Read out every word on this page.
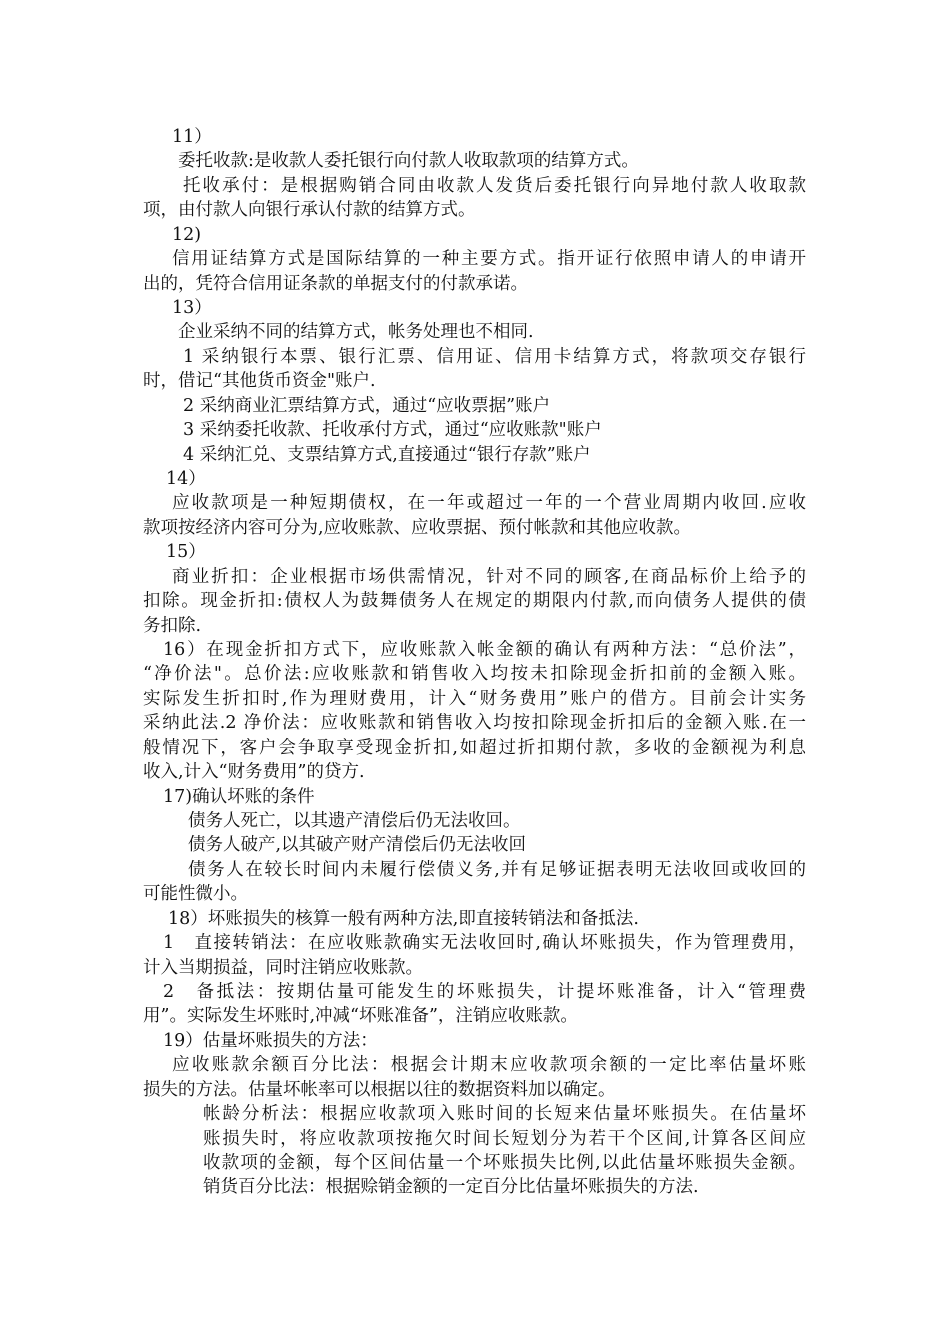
11）
委托收款:是收款人委托银行向付款人收取款项的结算方式。
托收承付：是根据购销合同由收款人发货后委托银行向异地付款人收取款
项，由付款人向银行承认付款的结算方式。
12)
信用证结算方式是国际结算的一种主要方式。指开证行依照申请人的申请开
出的，凭符合信用证条款的单据支付的付款承诺。
13）
企业采纳不同的结算方式，帐务处理也不相同.
1 采纳银行本票、银行汇票、信用证、信用卡结算方式，将款项交存银行
时，借记“其他货币资金"账户.
2 采纳商业汇票结算方式，通过“应收票据”账户
3 采纳委托收款、托收承付方式，通过“应收账款"账户
4 采纳汇兑、支票结算方式,直接通过“银行存款”账户
14）
应收款项是一种短期债权，在一年或超过一年的一个营业周期内收回.应收
款项按经济内容可分为,应收账款、应收票据、预付帐款和其他应收款。
15）
商业折扣：企业根据市场供需情况，针对不同的顾客,在商品标价上给予的
扣除。现金折扣:债权人为鼓舞债务人在规定的期限内付款,而向债务人提供的债
务扣除.
16）在现金折扣方式下，应收账款入帐金额的确认有两种方法：“总价法”，
“净价法"。总价法:应收账款和销售收入均按未扣除现金折扣前的金额入账。
实际发生折扣时,作为理财费用，计入“财务费用”账户的借方。目前会计实务
采纳此法.2 净价法：应收账款和销售收入均按扣除现金折扣后的金额入账.在一
般情况下，客户会争取享受现金折扣,如超过折扣期付款，多收的金额视为利息
收入,计入“财务费用”的贷方.
17)确认坏账的条件
债务人死亡，以其遗产清偿后仍无法收回。
债务人破产,以其破产财产清偿后仍无法收回
债务人在较长时间内未履行偿债义务,并有足够证据表明无法收回或收回的
可能性微小。
18）坏账损失的核算一般有两种方法,即直接转销法和备抵法.
1　直接转销法：在应收账款确实无法收回时,确认坏账损失，作为管理费用，
计入当期损益，同时注销应收账款。
2　备抵法：按期估量可能发生的坏账损失，计提坏账准备，计入“管理费
用”。实际发生坏账时,冲减“坏账准备”，注销应收账款。
19）估量坏账损失的方法：
应收账款余额百分比法：根据会计期末应收款项余额的一定比率估量坏账
损失的方法。估量坏帐率可以根据以往的数据资料加以确定。
帐龄分析法：根据应收款项入账时间的长短来估量坏账损失。在估量坏
账损失时，将应收款项按拖欠时间长短划分为若干个区间,计算各区间应
收款项的金额，每个区间估量一个坏账损失比例,以此估量坏账损失金额。
销货百分比法：根据赊销金额的一定百分比估量坏账损失的方法.
